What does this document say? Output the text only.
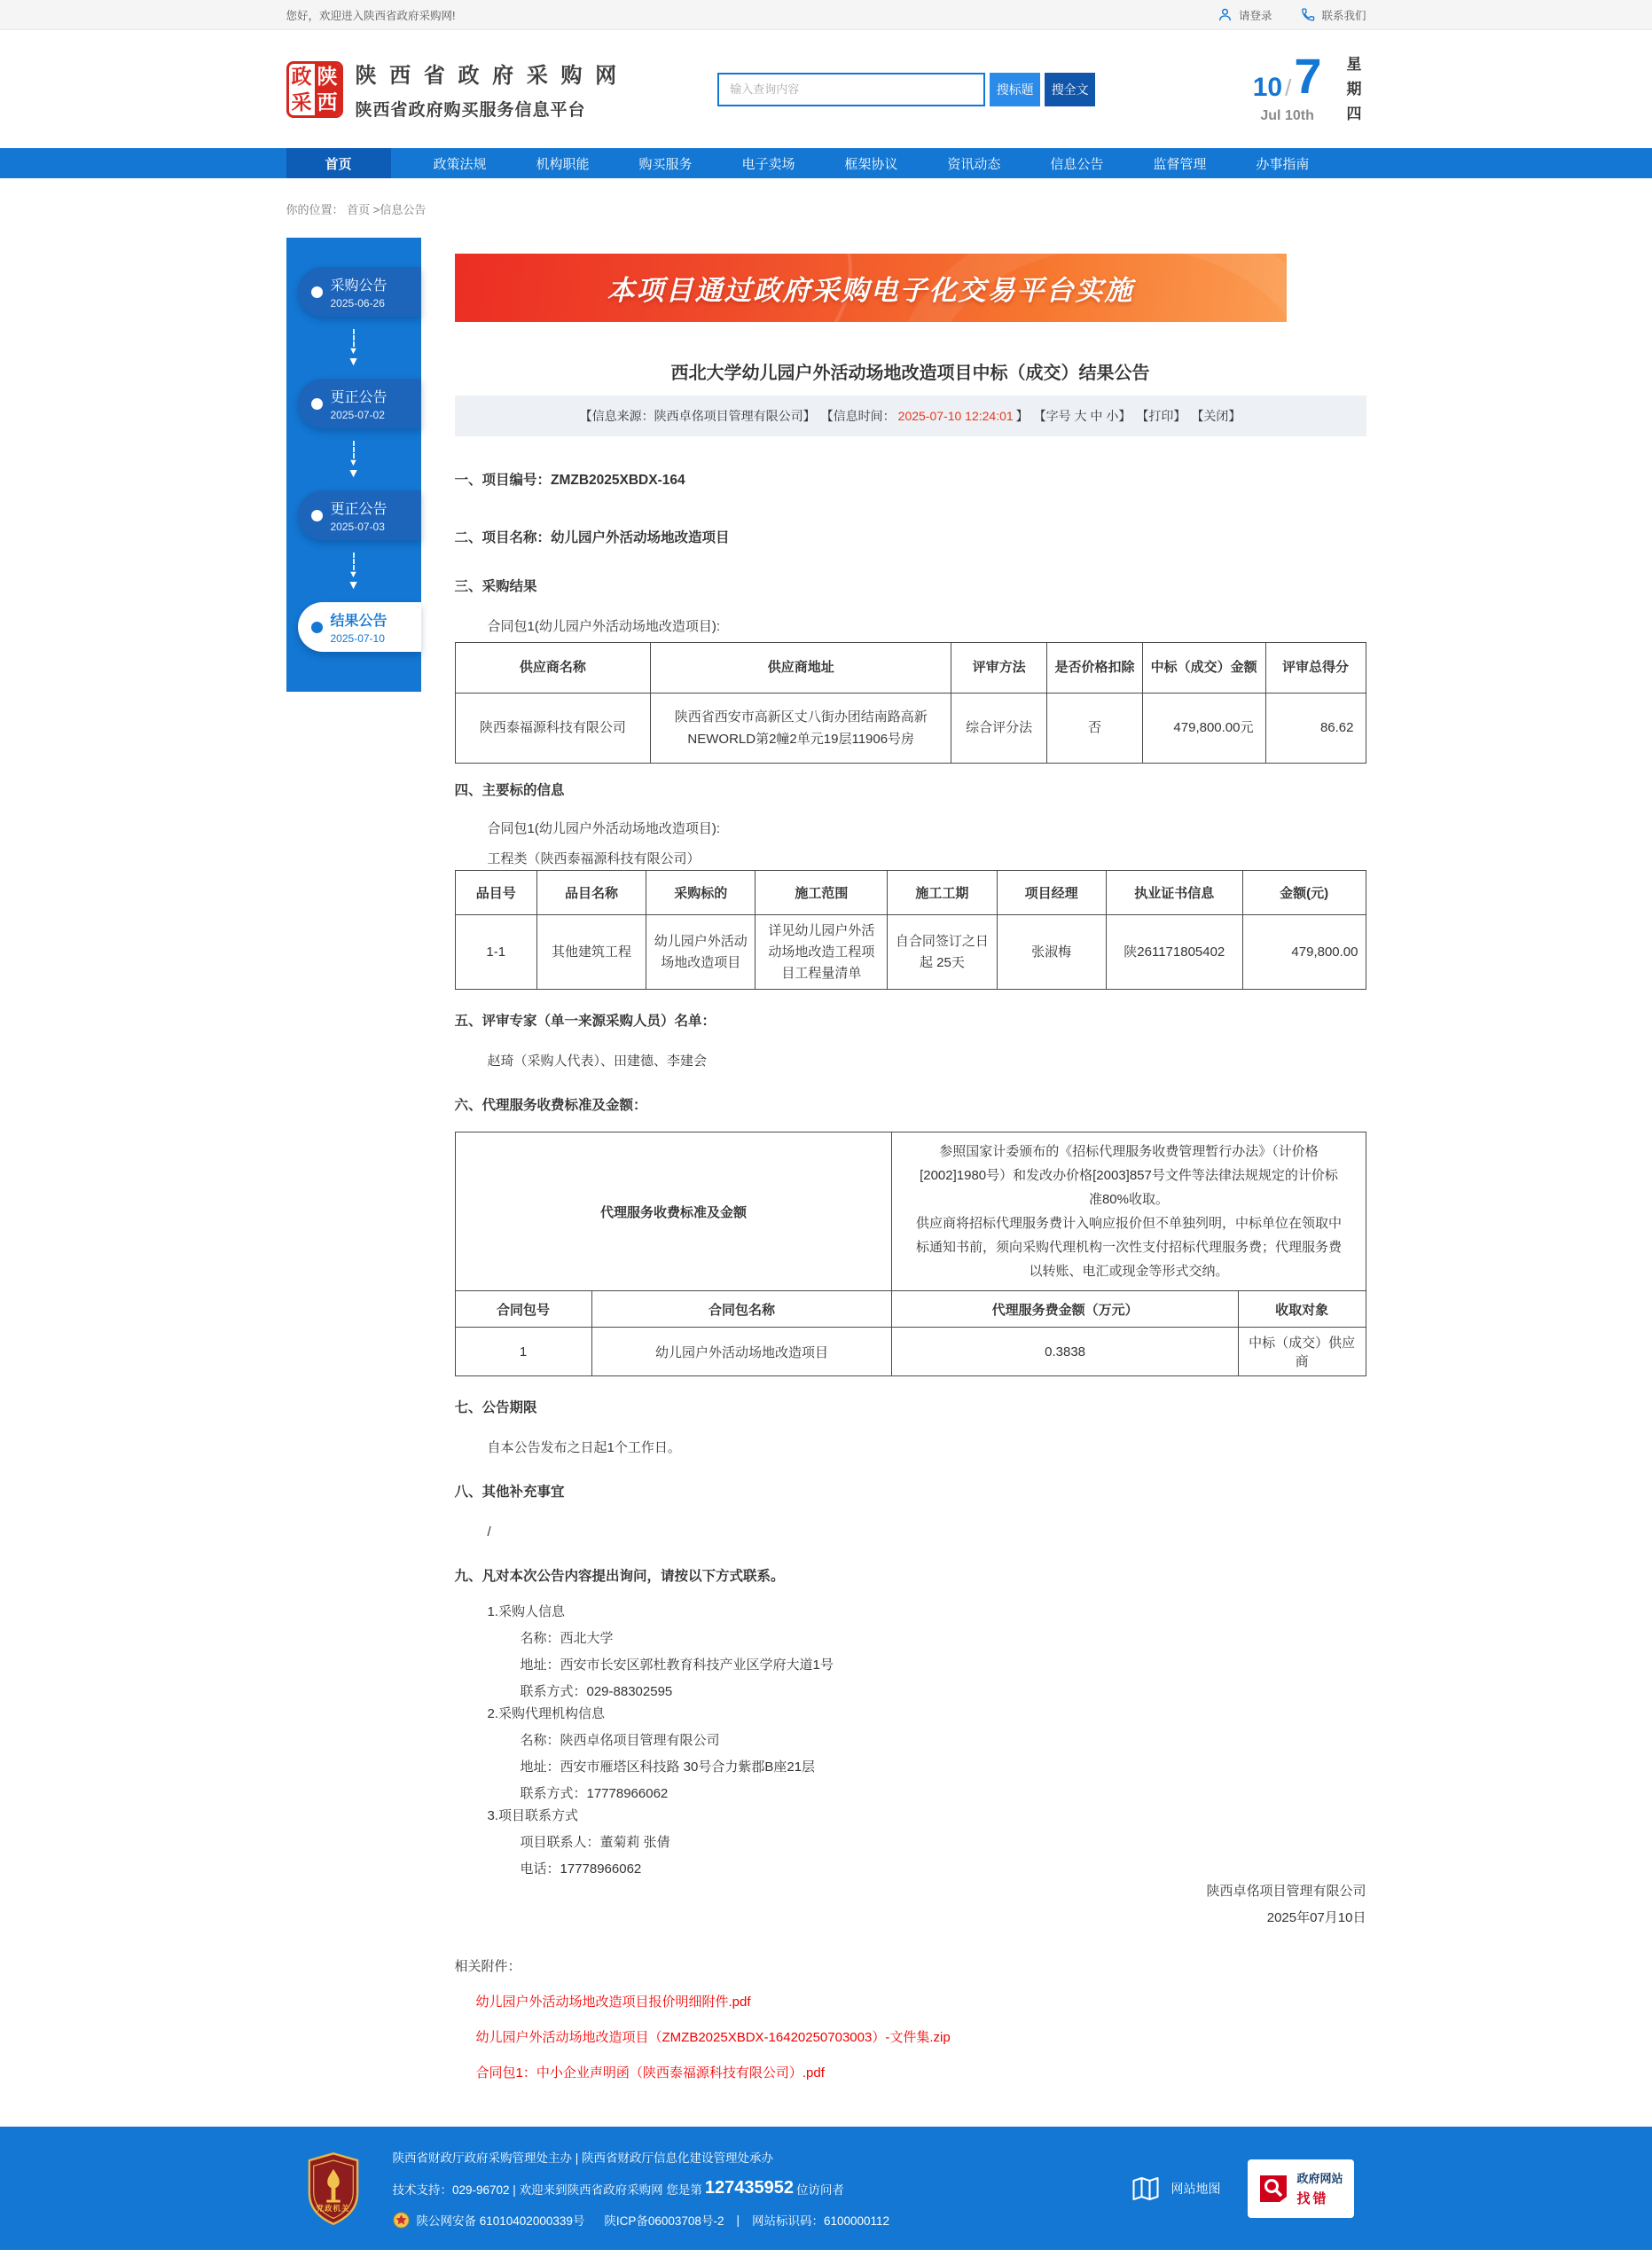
您好，欢迎进入陕西省政府采购网!	请登录	联系我们
政
采
陕
西
陕 西 省 政 府 采 购 网
陕西省政府购买服务信息平台
输入查询内容
搜标题	搜全文	10 / 7
Jul 10th
星期四
首页	政策法规	机构职能	购买服务	电子卖场	框架协议	资讯动态	信息公告	监督管理	办事指南
你的位置： 首页 >信息公告
采购公告
2025-06-26
▼
▼
更正公告
2025-07-02
▼
▼
更正公告
2025-07-03
▼
▼
结果公告
2025-07-10
本项目通过政府采购电子化交易平台实施
西北大学幼儿园户外活动场地改造项目中标（成交）结果公告
【信息来源：陕西卓佲项目管理有限公司】 【信息时间： 2025-07-10 12:24:01 】 【字号 大 中 小】 【打印】 【关闭】
一、项目编号：ZMZB2025XBDX-164
二、项目名称：幼儿园户外活动场地改造项目
三、采购结果
合同包1(幼儿园户外活动场地改造项目):
供应商名称	供应商地址	评审方法	是否价格扣除	中标（成交）金额	评审总得分
陕西泰福源科技有限公司	陕西省西安市高新区丈八街办团结南路高新NEWORLD第2幢2单元19层11906号房	综合评分法	否	479,800.00元	86.62
四、主要标的信息
合同包1(幼儿园户外活动场地改造项目):
工程类（陕西泰福源科技有限公司）
品目号	品目名称	采购标的	施工范围	施工工期	项目经理	执业证书信息	金额(元)
1-1	其他建筑工程	幼儿园户外活动场地改造项目	详见幼儿园户外活动场地改造工程项目工程量清单	自合同签订之日起 25天	张淑梅	陕261171805402	479,800.00
五、评审专家（单一来源采购人员）名单：
赵琦（采购人代表）、田建德、李建会
六、代理服务收费标准及金额：
代理服务收费标准及金额		参照国家计委颁布的《招标代理服务收费管理暂行办法》（计价格[2002]1980号）和发改办价格[2003]857号文件等法律法规规定的计价标准80%收取。
供应商将招标代理服务费计入响应报价但不单独列明，中标单位在领取中标通知书前，须向采购代理机构一次性支付招标代理服务费；代理服务费以转账、电汇或现金等形式交纳。	

合同包号	合同包名称	代理服务费金额（万元）	收取对象
1	幼儿园户外活动场地改造项目	0.3838	中标（成交）供应商
七、公告期限
自本公告发布之日起1个工作日。
八、其他补充事宜
/
九、凡对本次公告内容提出询问，请按以下方式联系。
1.采购人信息
名称：西北大学
地址：西安市长安区郭杜教育科技产业区学府大道1号
联系方式：029-88302595
2.采购代理机构信息
名称：陕西卓佲项目管理有限公司
地址：西安市雁塔区科技路 30号合力紫郡B座21层
联系方式：17778966062
3.项目联系方式
项目联系人：董菊莉 张倩
电话：17778966062
陕西卓佲项目管理有限公司
2025年07月10日
相关附件：
幼儿园户外活动场地改造项目报价明细附件.pdf
幼儿园户外活动场地改造项目（ZMZB2025XBDX-16420250703003）-文件集.zip
合同包1：中小企业声明函（陕西泰福源科技有限公司）.pdf
党政机关
陕西省财政厅政府采购管理处主办 | 陕西省财政厅信息化建设管理处承办
技术支持：029-96702 | 欢迎来到陕西省政府采购网 您是第 127435952 位访问者
陕公网安备 61010402000339号 陕ICP备06003708号-2 | 网站标识码：6100000112
网站地图
政府网站
找错
